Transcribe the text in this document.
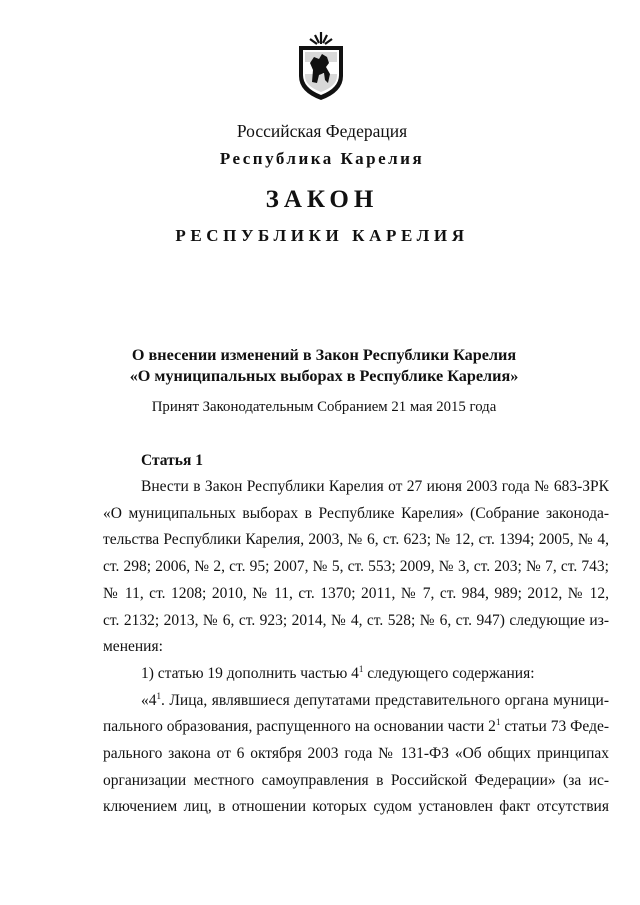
Российская Федерация
Республика Карелия
ЗАКОН
РЕСПУБЛИКИ КАРЕЛИЯ
О внесении изменений в Закон Республики Карелия
«О муниципальных выборах в Республике Карелия»
Принят Законодательным Собранием 21 мая 2015 года
Статья 1
Внести в Закон Республики Карелия от 27 июня 2003 года № 683-ЗРК
«О муниципальных выборах в Республике Карелия» (Собрание законода-
тельства Республики Карелия, 2003, № 6, ст. 623; № 12, ст. 1394; 2005, № 4,
ст. 298; 2006, № 2, ст. 95; 2007, № 5, ст. 553; 2009, № 3, ст. 203; № 7, ст. 743;
№ 11, ст. 1208; 2010, № 11, ст. 1370; 2011, № 7, ст. 984, 989; 2012, № 12,
ст. 2132; 2013, № 6, ст. 923; 2014, № 4, ст. 528; № 6, ст. 947) следующие из-
менения:
1) статью 19 дополнить частью $4^1$ следующего содержания:
«$4^1$. Лица, являвшиеся депутатами представительного органа муници-
пального образования, распущенного на основании части $2^1$ статьи 73 Феде-
рального закона от 6 октября 2003 года № 131-ФЗ «Об общих принципах
организации местного самоуправления в Российской Федерации» (за ис-
ключением лиц, в отношении которых судом установлен факт отсутствия
